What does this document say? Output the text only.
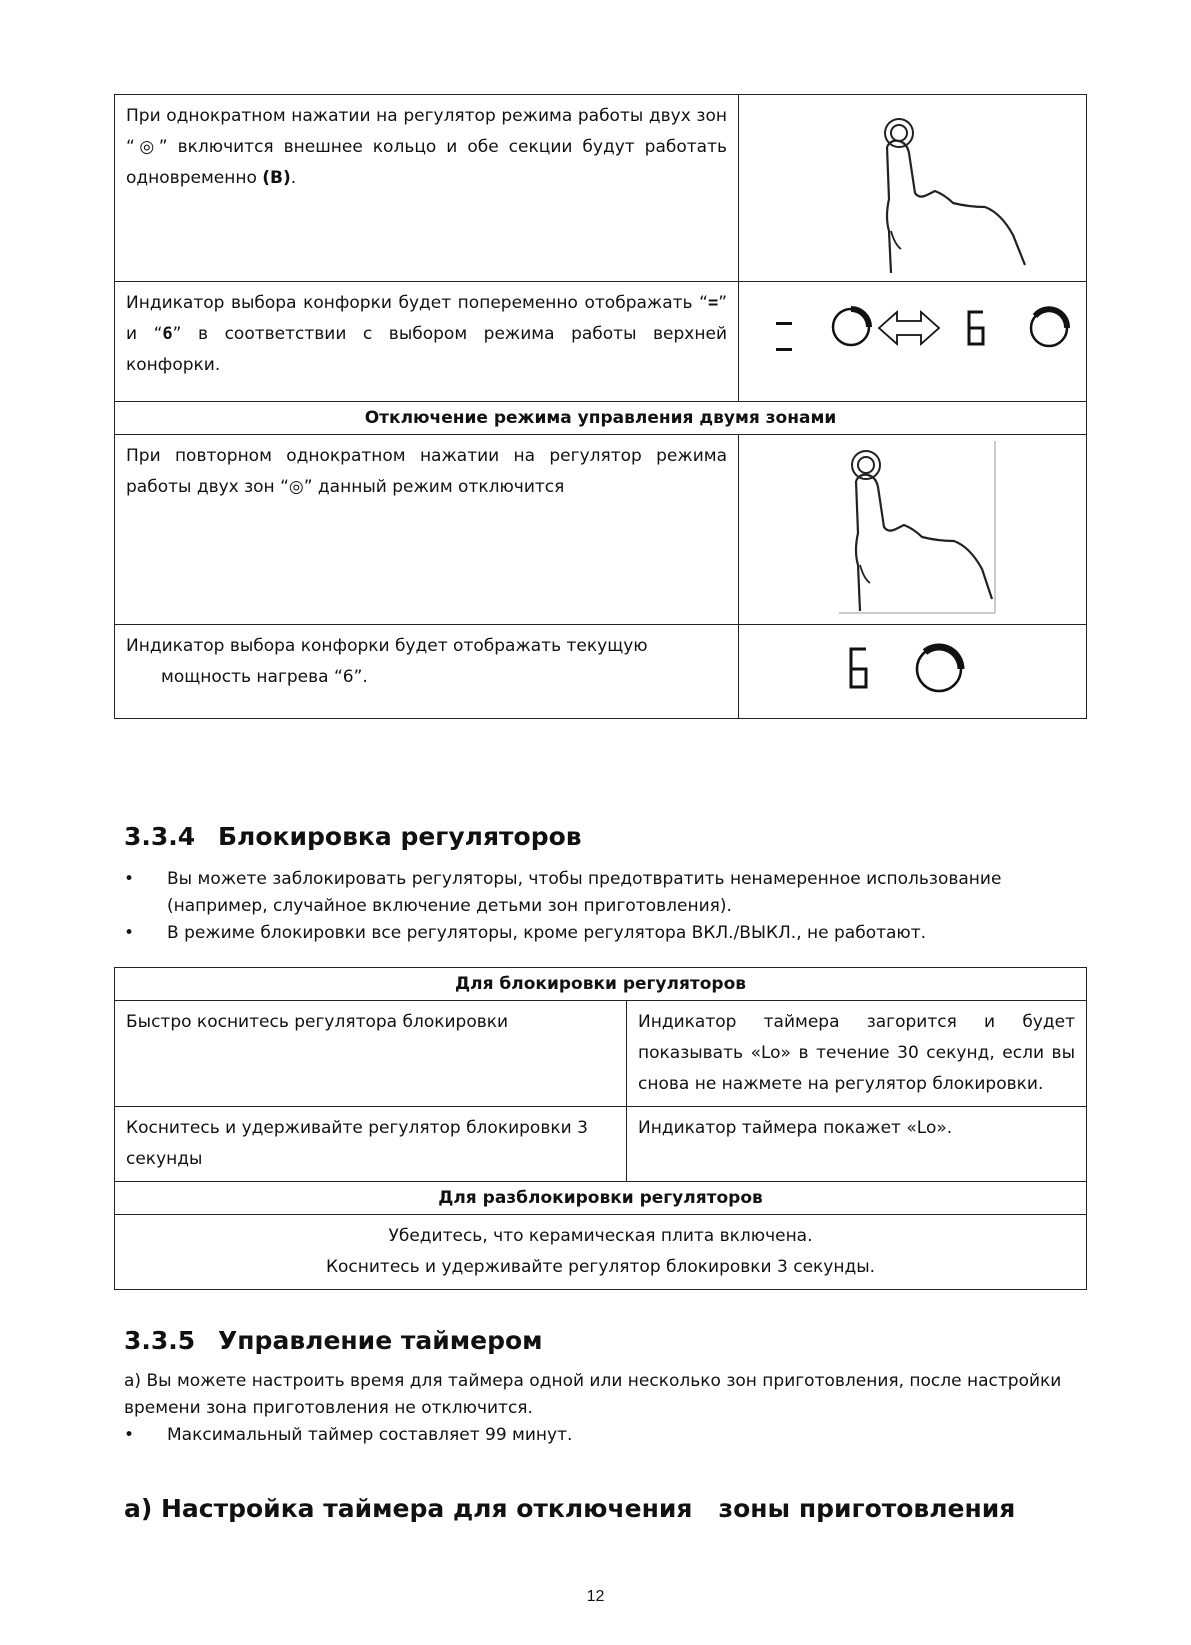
При однократном нажатии на регулятор режима работы двух зон “◎” включится внешнее кольцо и обе секции будут работать одновременно (B).	

Индикатор выбора конфорки будет попеременно отображать “=” и “6” в соответствии с выбором режима работы верхней конфорки.	

Отключение режима управления двумя зонами	
При повторном однократном нажатии на регулятор режима работы двух зон “◎” данный режим отключится	

Индикатор выбора конфорки будет отображать текущую

мощность нагрева “6”.

3.3.4 Блокировка регуляторов
• Вы можете заблокировать регуляторы, чтобы предотвратить ненамеренное использование (например, случайное включение детьми зон приготовления).
• В режиме блокировки все регуляторы, кроме регулятора ВКЛ./ВЫКЛ., не работают.
Для блокировки регуляторов	
Быстро коснитесь регулятора блокировки	Индикатор таймера загорится и будет показывать «Lo» в течение 30 секунд, если вы снова не нажмете на регулятор блокировки.
Коснитесь и удерживайте регулятор блокировки 3 секунды	Индикатор таймера покажет «Lo».
Для разблокировки регуляторов	
Убедитесь, что керамическая плита включена.
Коснитесь и удерживайте регулятор блокировки 3 секунды.	
3.3.5 Управление таймером

a) Вы можете настроить время для таймера одной или несколько зон приготовления, после настройки времени зона приготовления не отключится.

• Максимальный таймер составляет 99 минут.
a) Настройка таймера для отключения   зоны приготовления
12
